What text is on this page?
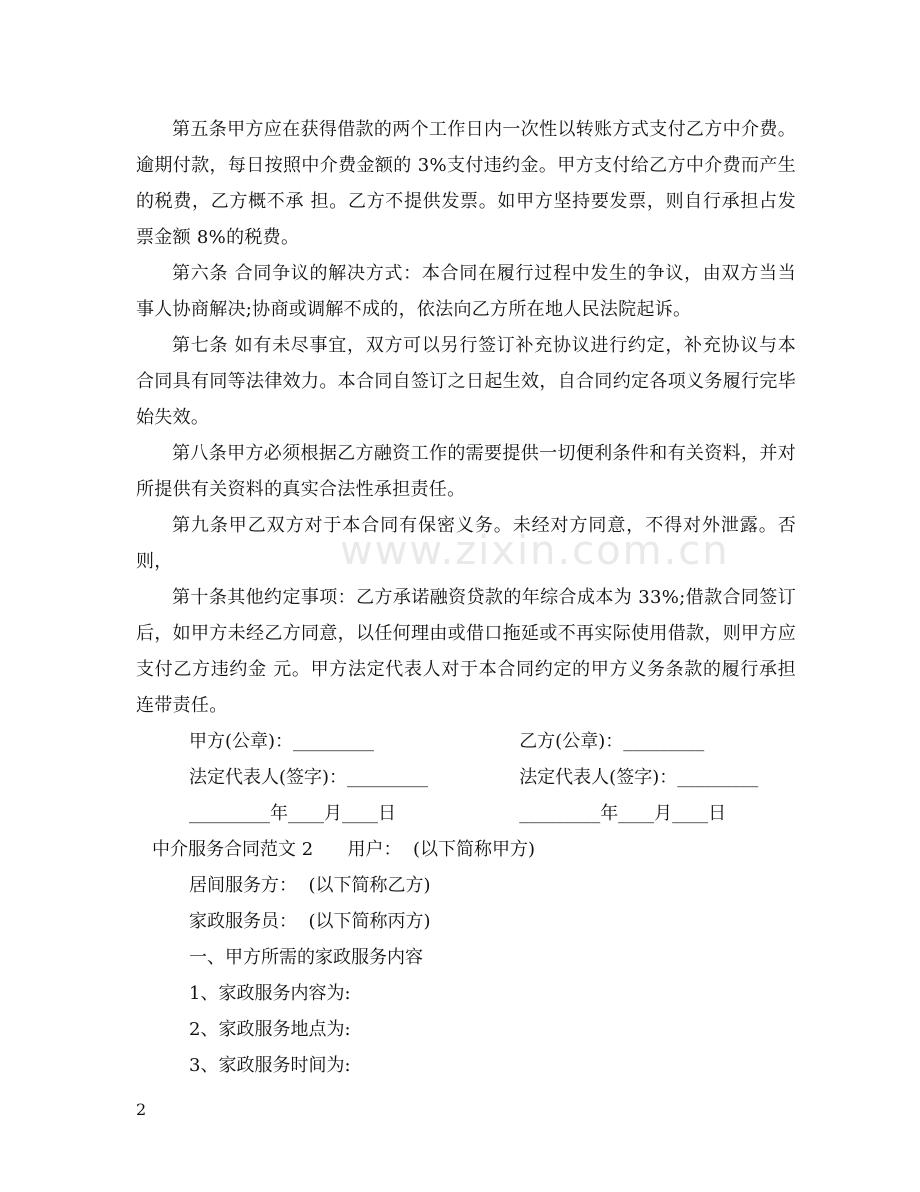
www.zixin.com.cn

第五条甲方应在获得借款的两个工作日内一次性以转账方式支付乙方中介费。逾期付款，每日按照中介费金额的 3%支付违约金。甲方支付给乙方中介费而产生的税费，乙方概不承 担。乙方不提供发票。如甲方坚持要发票，则自行承担占发票金额 8%的税费。

第六条 合同争议的解决方式：本合同在履行过程中发生的争议，由双方当当事人协商解决;协商或调解不成的，依法向乙方所在地人民法院起诉。

第七条 如有未尽事宜，双方可以另行签订补充协议进行约定，补充协议与本合同具有同等法律效力。本合同自签订之日起生效，自合同约定各项义务履行完毕始失效。

第八条甲方必须根据乙方融资工作的需要提供一切便利条件和有关资料，并对所提供有关资料的真实合法性承担责任。

第九条甲乙双方对于本合同有保密义务。未经对方同意，不得对外泄露。否则，

第十条其他约定事项：乙方承诺融资贷款的年综合成本为 33%;借款合同签订后，如甲方未经乙方同意，以任何理由或借口拖延或不再实际使用借款，则甲方应支付乙方违约金 元。甲方法定代表人对于本合同约定的甲方义务条款的履行承担连带责任。

甲方(公章)：_________	乙方(公章)：_________
法定代表人(签字)：_________	法定代表人(签字)：_________
_________年____月____日	_________年____月____日

中介服务合同范文 2      用户：  (以下简称甲方)

居间服务方：  (以下简称乙方)

家政服务员：  (以下简称丙方)

一、甲方所需的家政服务内容

1、家政服务内容为:

2、家政服务地点为:

3、家政服务时间为:

2
